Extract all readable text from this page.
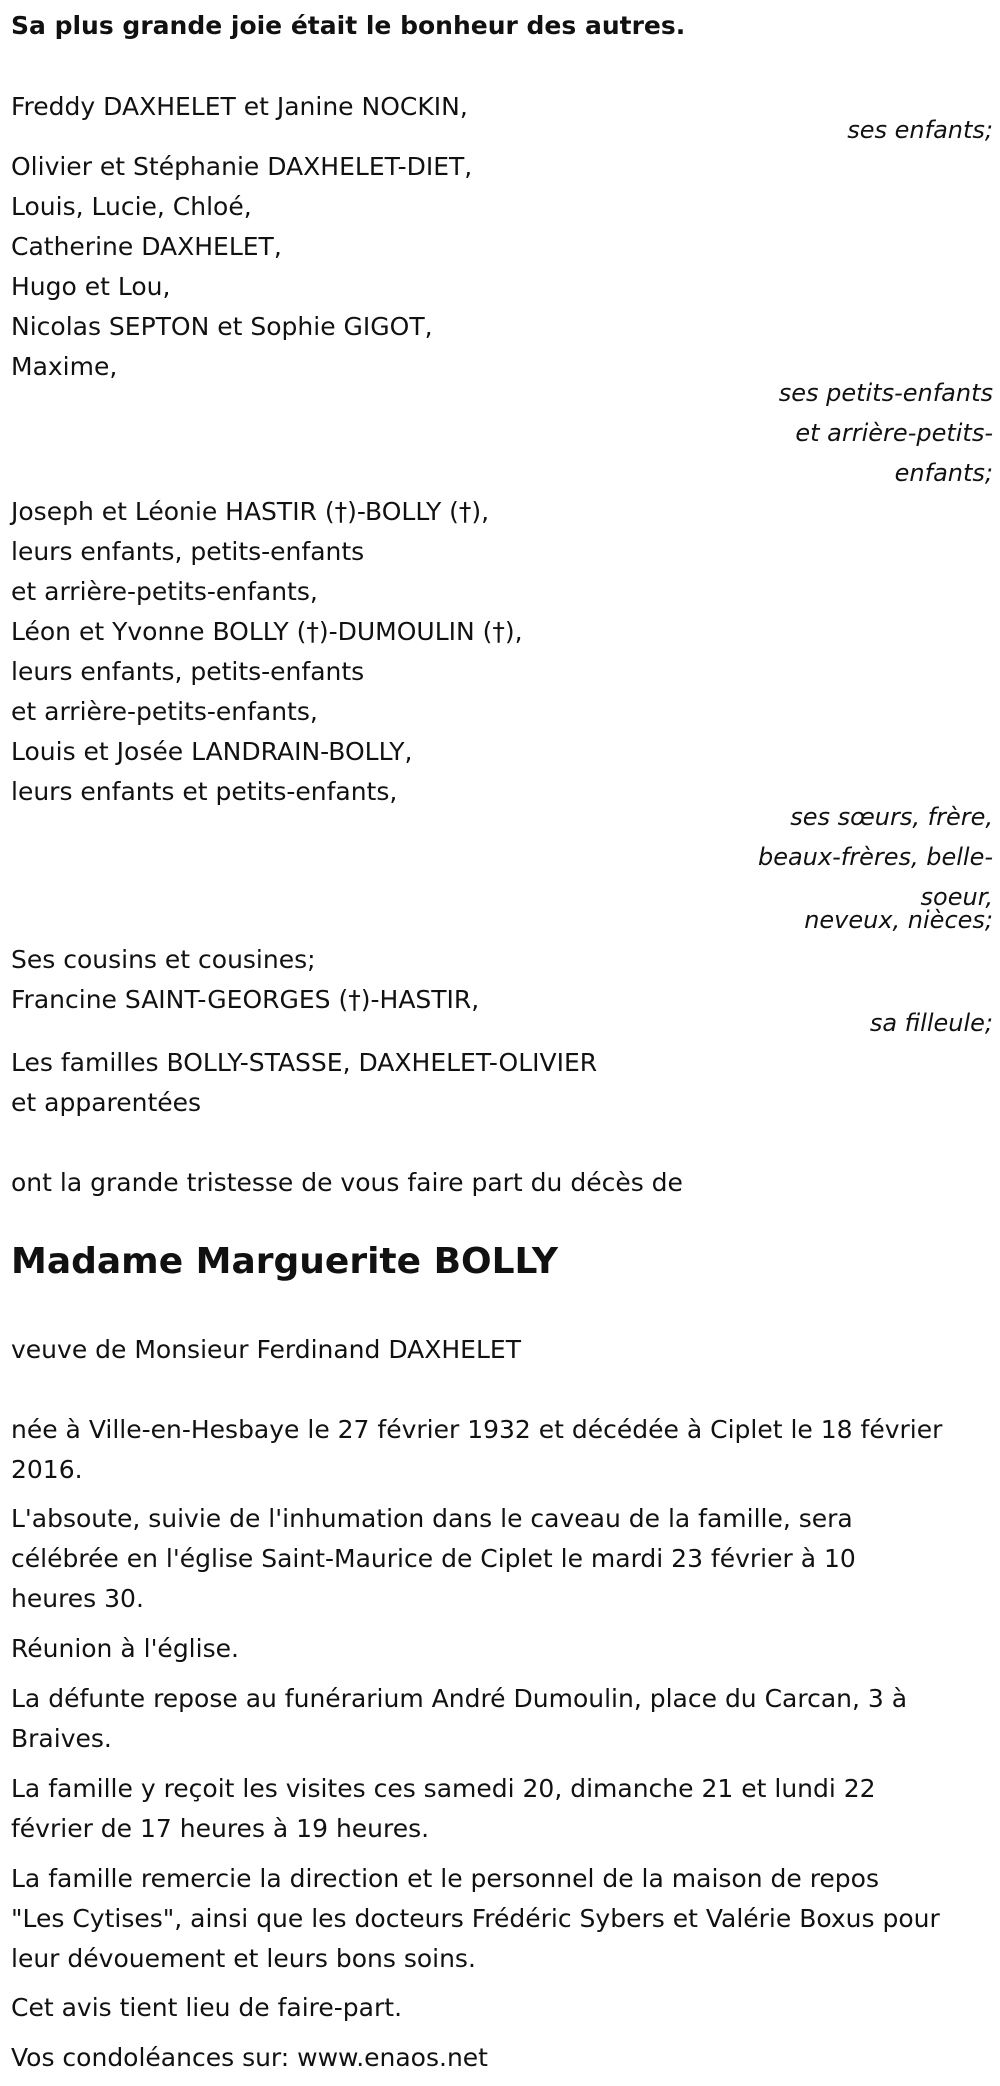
Sa plus grande joie était le bonheur des autres.
Freddy DAXHELET et Janine NOCKIN,
ses enfants;
Olivier et Stéphanie DAXHELET-DIET,
Louis, Lucie, Chloé,
Catherine DAXHELET,
Hugo et Lou,
Nicolas SEPTON et Sophie GIGOT,
Maxime,
ses petits-enfants
et arrière-petits-
enfants;
Joseph et Léonie HASTIR (†)-BOLLY (†),
leurs enfants, petits-enfants
et arrière-petits-enfants,
Léon et Yvonne BOLLY (†)-DUMOULIN (†),
leurs enfants, petits-enfants
et arrière-petits-enfants,
Louis et Josée LANDRAIN-BOLLY,
leurs enfants et petits-enfants,
ses sœurs, frère,
beaux-frères, belle-
soeur,
neveux, nièces;
Ses cousins et cousines;
Francine SAINT-GEORGES (†)-HASTIR,
sa filleule;
Les familles BOLLY-STASSE, DAXHELET-OLIVIER
et apparentées
ont la grande tristesse de vous faire part du décès de
Madame Marguerite BOLLY
veuve de Monsieur Ferdinand DAXHELET
née à Ville-en-Hesbaye le 27 février 1932 et décédée à Ciplet le 18 février
2016.
L'absoute, suivie de l'inhumation dans le caveau de la famille, sera
célébrée en l'église Saint-Maurice de Ciplet le mardi 23 février à 10
heures 30.
Réunion à l'église.
La défunte repose au funérarium André Dumoulin, place du Carcan, 3 à
Braives.
La famille y reçoit les visites ces samedi 20, dimanche 21 et lundi 22
février de 17 heures à 19 heures.
La famille remercie la direction et le personnel de la maison de repos
"Les Cytises", ainsi que les docteurs Frédéric Sybers et Valérie Boxus pour
leur dévouement et leurs bons soins.
Cet avis tient lieu de faire-part.
Vos condoléances sur: www.enaos.net
